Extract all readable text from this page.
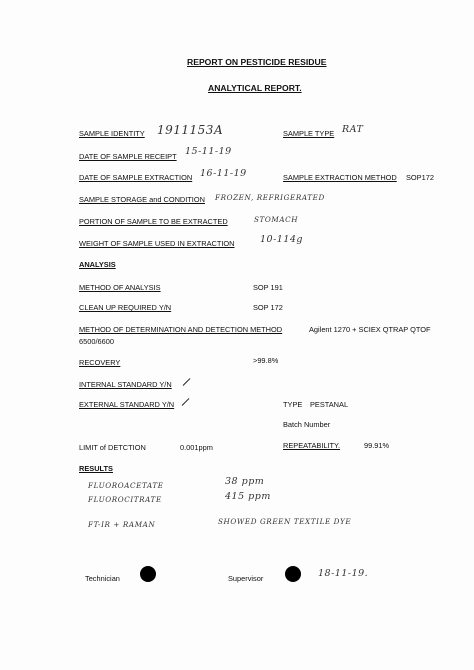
REPORT ON PESTICIDE RESIDUE
ANALYTICAL REPORT.
SAMPLE IDENTITY 1911153A	SAMPLE TYPE RAT
DATE OF SAMPLE RECEIPT 15-11-19
DATE OF SAMPLE EXTRACTION 16-11-19	SAMPLE EXTRACTION METHOD SOP172
SAMPLE STORAGE and CONDITION FROZEN, REFRIGERATED
PORTION OF SAMPLE TO BE EXTRACTED	STOMACH
WEIGHT OF SAMPLE USED IN EXTRACTION	10-114g
ANALYSIS
METHOD OF ANALYSIS	SOP 191
CLEAN UP REQUIRED Y/N	SOP 172
METHOD OF DETERMINATION AND DETECTION METHOD	Agilent 1270 + SCIEX QTRAP QTOF
6500/6600
RECOVERY	>99.8%
INTERNAL STANDARD Y/N
EXTERNAL STANDARD Y/N	TYPE PESTANAL
Batch Number
LIMIT of DETCTION	0.001ppm	REPEATABILITY.	99.91%
RESULTS
FLUOROACETATE	38 ppm
FLUOROCITRATE	415 ppm
FT-IR + RAMAN	SHOWED GREEN TEXTILE DYE
Technician	Supervisor	18-11-19.
